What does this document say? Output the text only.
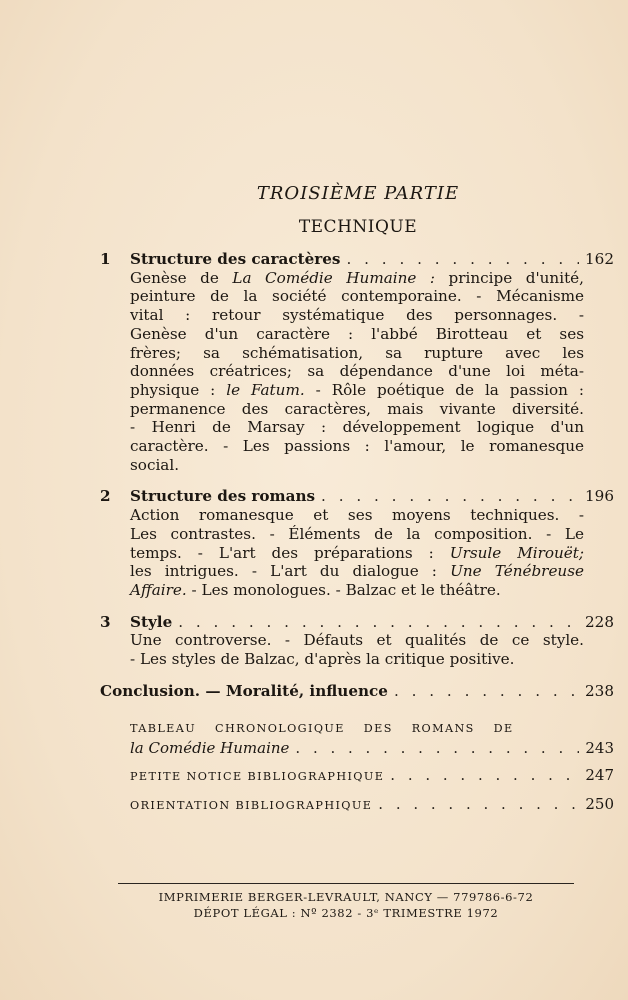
TROISIÈME PARTIE
TECHNIQUE
1 Structure des caractères . . .	162
Genèse de La Comédie Humaine : principe d'unité,
peinture de la société contemporaine. - Mécanisme
vital : retour systématique des personnages. -
Genèse d'un caractère : l'abbé Birotteau et ses
frères; sa schématisation, sa rupture avec les
données créatrices; sa dépendance d'une loi méta-
physique : le Fatum. - Rôle poétique de la passion :
permanence des caractères, mais vivante diversité.
- Henri de Marsay : développement logique d'un
caractère. - Les passions : l'amour, le romanesque
social.
2 Structure des romans . . .	196
Action romanesque et ses moyens techniques. -
Les contrastes. - Éléments de la composition. - Le
temps. - L'art des préparations : Ursule Mirouët;
les intrigues. - L'art du dialogue : Une Ténébreuse
Affaire. - Les monologues. - Balzac et le théâtre.
3 Style . . .	228
Une controverse. - Défauts et qualités de ce style.
- Les styles de Balzac, d'après la critique positive.
Conclusion. — Moralité, influence . . .	238
TABLEAU CHRONOLOGIQUE DES ROMANS DE
la Comédie Humaine . . .	243
PETITE NOTICE BIBLIOGRAPHIQUE . . .	247
ORIENTATION BIBLIOGRAPHIQUE . . .	250
IMPRIMERIE BERGER-LEVRAULT, NANCY — 779786-6-72
DÉPOT LÉGAL : Nº 2382 - 3ᵉ TRIMESTRE 1972
